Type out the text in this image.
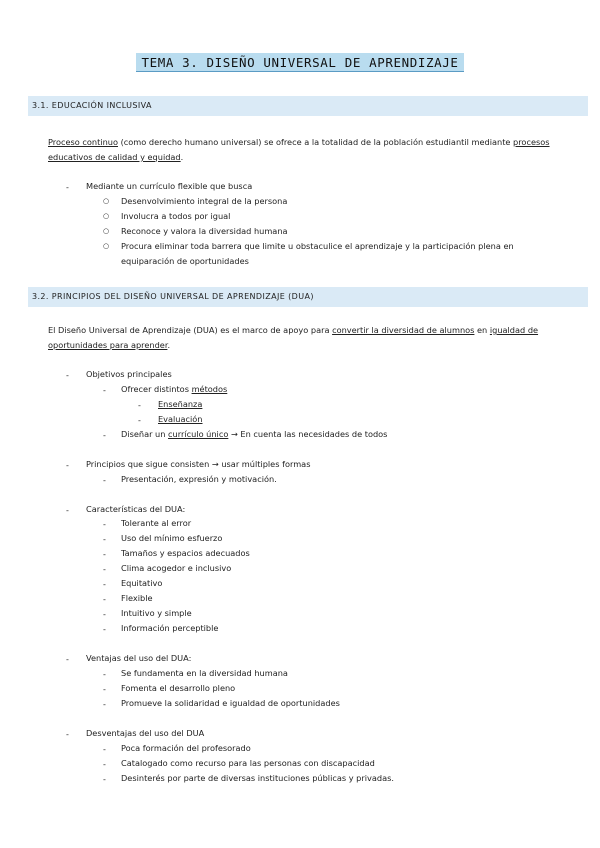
TEMA 3. DISEÑO UNIVERSAL DE APRENDIZAJE
3.1. EDUCACIÓN INCLUSIVA
Proceso continuo (como derecho humano universal) se ofrece a la totalidad de la población estudiantil mediante procesos educativos de calidad y equidad.
- Mediante un currículo flexible que busca
○ Desenvolvimiento integral de la persona
○ Involucra a todos por igual
○ Reconoce y valora la diversidad humana
○ Procura eliminar toda barrera que limite u obstaculice el aprendizaje y la participación plena en equiparación de oportunidades
3.2. PRINCIPIOS DEL DISEÑO UNIVERSAL DE APRENDIZAJE (DUA)
El Diseño Universal de Aprendizaje (DUA) es el marco de apoyo para convertir la diversidad de alumnos en igualdad de oportunidades para aprender.
- Objetivos principales
- Ofrecer distintos métodos
- Enseñanza
- Evaluación
- Diseñar un currículo único → En cuenta las necesidades de todos
- Principios que sigue consisten → usar múltiples formas
- Presentación, expresión y motivación.
- Características del DUA:
- Tolerante al error
- Uso del mínimo esfuerzo
- Tamaños y espacios adecuados
- Clima acogedor e inclusivo
- Equitativo
- Flexible
- Intuitivo y simple
- Información perceptible
- Ventajas del uso del DUA:
- Se fundamenta en la diversidad humana
- Fomenta el desarrollo pleno
- Promueve la solidaridad e igualdad de oportunidades
- Desventajas del uso del DUA
- Poca formación del profesorado
- Catalogado como recurso para las personas con discapacidad
- Desinterés por parte de diversas instituciones públicas y privadas.
